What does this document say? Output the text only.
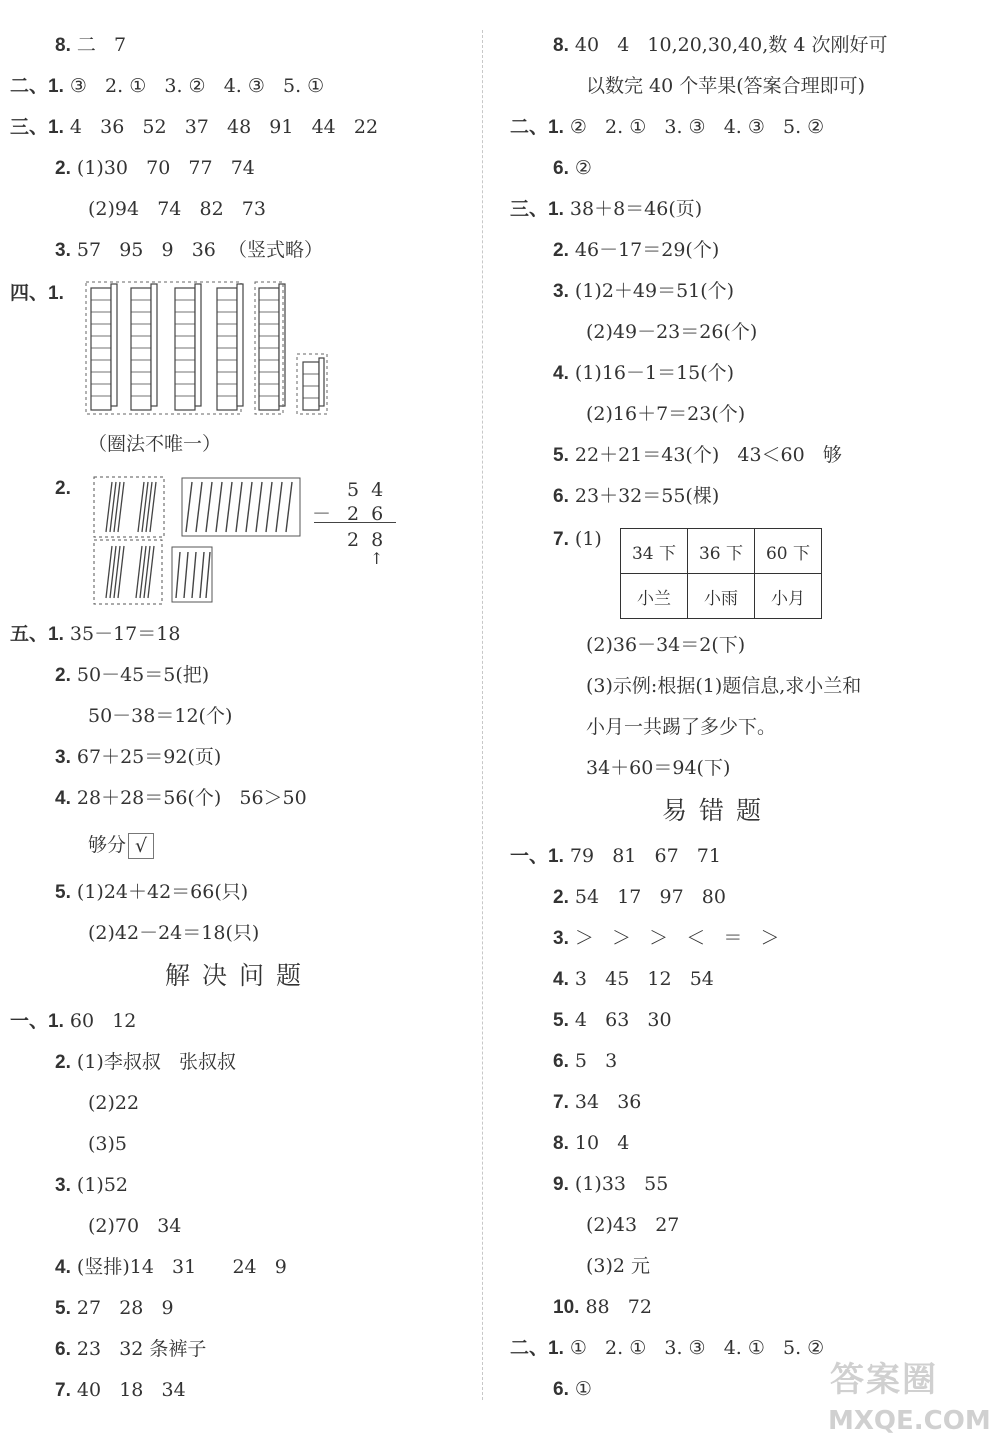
8. 二   7
二、1. ③   2. ①   3. ②   4. ③   5. ①
三、1. 4   36   52   37   48   91   44   22
2. (1)30   70   77   74
(2)94   74   82   73
3. 57   95   9   36  （竖式略）
四、1.
（圈法不唯一）
2.	5 4
－ 2 6
2 8
↑
五、1. 35－17＝18
2. 50－45＝5(把)
50－38＝12(个)
3. 67＋25＝92(页)
4. 28＋28＝56(个)   56＞50
够分 √
5. (1)24＋42＝66(只)
(2)42－24＝18(只)
解决问题
一、1. 60   12
2. (1)李叔叔   张叔叔
(2)22
(3)5
3. (1)52
(2)70   34
4. (竖排)14   31      24   9
5. 27   28   9
6. 23   32 条裤子
7. 40   18   34
8. 40   4   10,20,30,40,数 4 次刚好可
以数完 40 个苹果(答案合理即可)
二、1. ②   2. ①   3. ③   4. ③   5. ②
6. ②
三、1. 38＋8＝46(页)
2. 46－17＝29(个)
3. (1)2＋49＝51(个)
(2)49－23＝26(个)
4. (1)16－1＝15(个)
(2)16＋7＝23(个)
5. 22＋21＝43(个)   43＜60   够
6. 23＋32＝55(棵)
7. (1)
34 下	36 下	60 下
小兰	小雨	小月
(2)36－34＝2(下)
(3)示例:根据(1)题信息,求小兰和
小月一共踢了多少下。
34＋60＝94(下)
易错题
一、1. 79   81   67   71
2. 54   17   97   80
3. ＞   ＞   ＞   ＜   ＝   ＞
4. 3   45   12   54
5. 4   63   30
6. 5   3
7. 34   36
8. 10   4
9. (1)33   55
(2)43   27
(3)2 元
10. 88   72
二、1. ①   2. ①   3. ③   4. ①   5. ②
6. ①	答案圈
MXQE.COM
